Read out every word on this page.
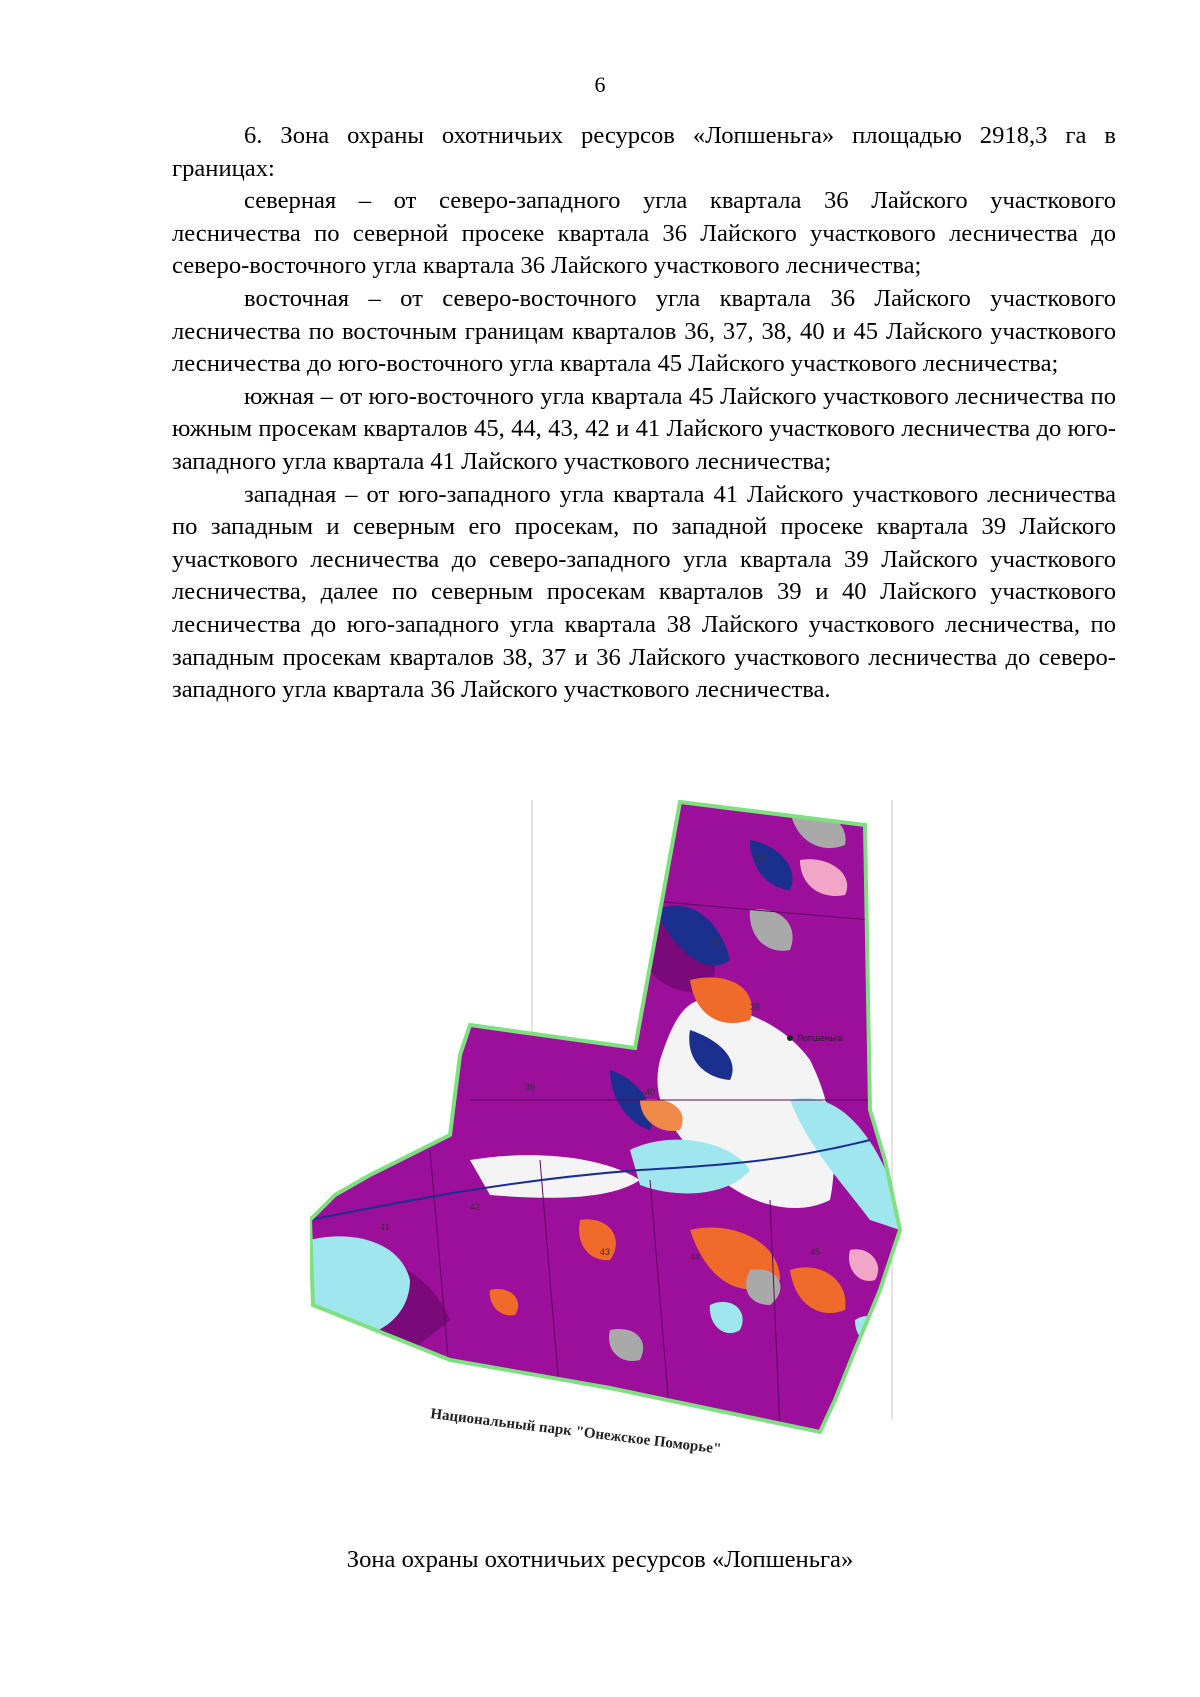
6

6. Зона охраны охотничьих ресурсов «Лопшеньга» площадью 2918,3 га в границах:

северная – от северо-западного угла квартала 36 Лайского участкового лесничества по северной просеке квартала 36 Лайского участкового лесничества до северо-восточного угла квартала 36 Лайского участкового лесничества;

восточная – от северо-восточного угла квартала 36 Лайского участкового лесничества по восточным границам кварталов 36, 37, 38, 40 и 45 Лайского участкового лесничества до юго-восточного угла квартала 45 Лайского участкового лесничества;

южная – от юго-восточного угла квартала 45 Лайского участкового лесничества по южным просекам кварталов 45, 44, 43, 42 и 41 Лайского участкового лесничества до юго-западного угла квартала 41 Лайского участкового лесничества;

западная – от юго-западного угла квартала 41 Лайского участкового лесничества по западным и северным его просекам, по западной просеке квартала 39 Лайского участкового лесничества до северо-западного угла квартала 39 Лайского участкового лесничества, далее по северным просекам кварталов 39 и 40 Лайского участкового лесничества до юго-западного угла квартала 38 Лайского участкового лесничества, по западным просекам кварталов 38, 37 и 36 Лайского участкового лесничества до северо-западного угла квартала 36 Лайского участкового лесничества.

Лопшеньга
36
37
38
39	40
41
42
43	44	45
Национальный парк "Онежское Поморье"
Зона охраны охотничьих ресурсов «Лопшеньга»
